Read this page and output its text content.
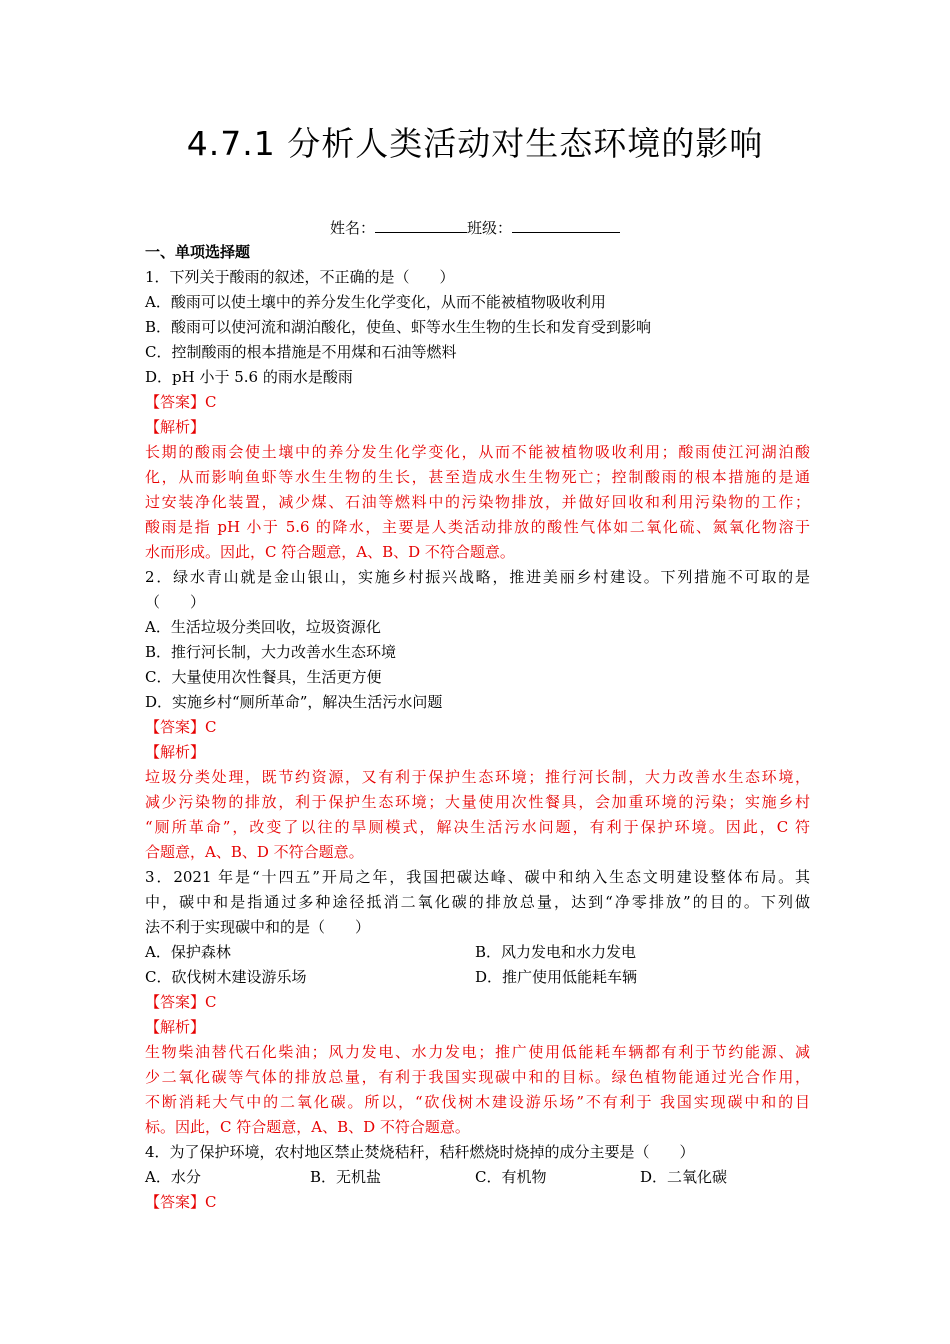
4.7.1 分析人类活动对生态环境的影响
姓名：	班级：
一、单项选择题
1．下列关于酸雨的叙述，不正确的是（　　）
A．酸雨可以使土壤中的养分发生化学变化，从而不能被植物吸收利用
B．酸雨可以使河流和湖泊酸化，使鱼、虾等水生生物的生长和发育受到影响
C．控制酸雨的根本措施是不用煤和石油等燃料
D．pH 小于 5.6 的雨水是酸雨
【答案】C
【解析】
长期的酸雨会使土壤中的养分发生化学变化，从而不能被植物吸收利用；酸雨使江河湖泊酸
化，从而影响鱼虾等水生生物的生长，甚至造成水生生物死亡；控制酸雨的根本措施的是通
过安装净化装置，减少煤、石油等燃料中的污染物排放，并做好回收和利用污染物的工作；
酸雨是指 pH 小于 5.6 的降水，主要是人类活动排放的酸性气体如二氧化硫、氮氧化物溶于
水而形成。因此，C 符合题意，A、B、D 不符合题意。
2．绿水青山就是金山银山，实施乡村振兴战略，推进美丽乡村建设。下列措施不可取的是
（　　）
A．生活垃圾分类回收，垃圾资源化
B．推行河长制，大力改善水生态环境
C．大量使用次性餐具，生活更方便
D．实施乡村“厕所革命”，解决生活污水问题
【答案】C
【解析】
垃圾分类处理，既节约资源，又有利于保护生态环境；推行河长制，大力改善水生态环境，
减少污染物的排放，利于保护生态环境；大量使用次性餐具，会加重环境的污染；实施乡村
“厕所革命”，改变了以往的旱厕模式，解决生活污水问题，有利于保护环境。因此，C 符
合题意，A、B、D 不符合题意。
3．2021 年是“十四五”开局之年，我国把碳达峰、碳中和纳入生态文明建设整体布局。其
中，碳中和是指通过多种途径抵消二氧化碳的排放总量，达到“净零排放”的目的。下列做
法不利于实现碳中和的是（　　）
A．保护森林	B．风力发电和水力发电
C．砍伐树木建设游乐场	D．推广使用低能耗车辆
【答案】C
【解析】
生物柴油替代石化柴油；风力发电、水力发电；推广使用低能耗车辆都有利于节约能源、减
少二氧化碳等气体的排放总量，有利于我国实现碳中和的目标。绿色植物能通过光合作用，
不断消耗大气中的二氧化碳。所以，“砍伐树木建设游乐场”不有利于 我国实现碳中和的目
标。因此，C 符合题意，A、B、D 不符合题意。
4．为了保护环境，农村地区禁止焚烧秸秆，秸秆燃烧时烧掉的成分主要是（　　）
A．水分	B．无机盐	C．有机物	D．二氧化碳
【答案】C
